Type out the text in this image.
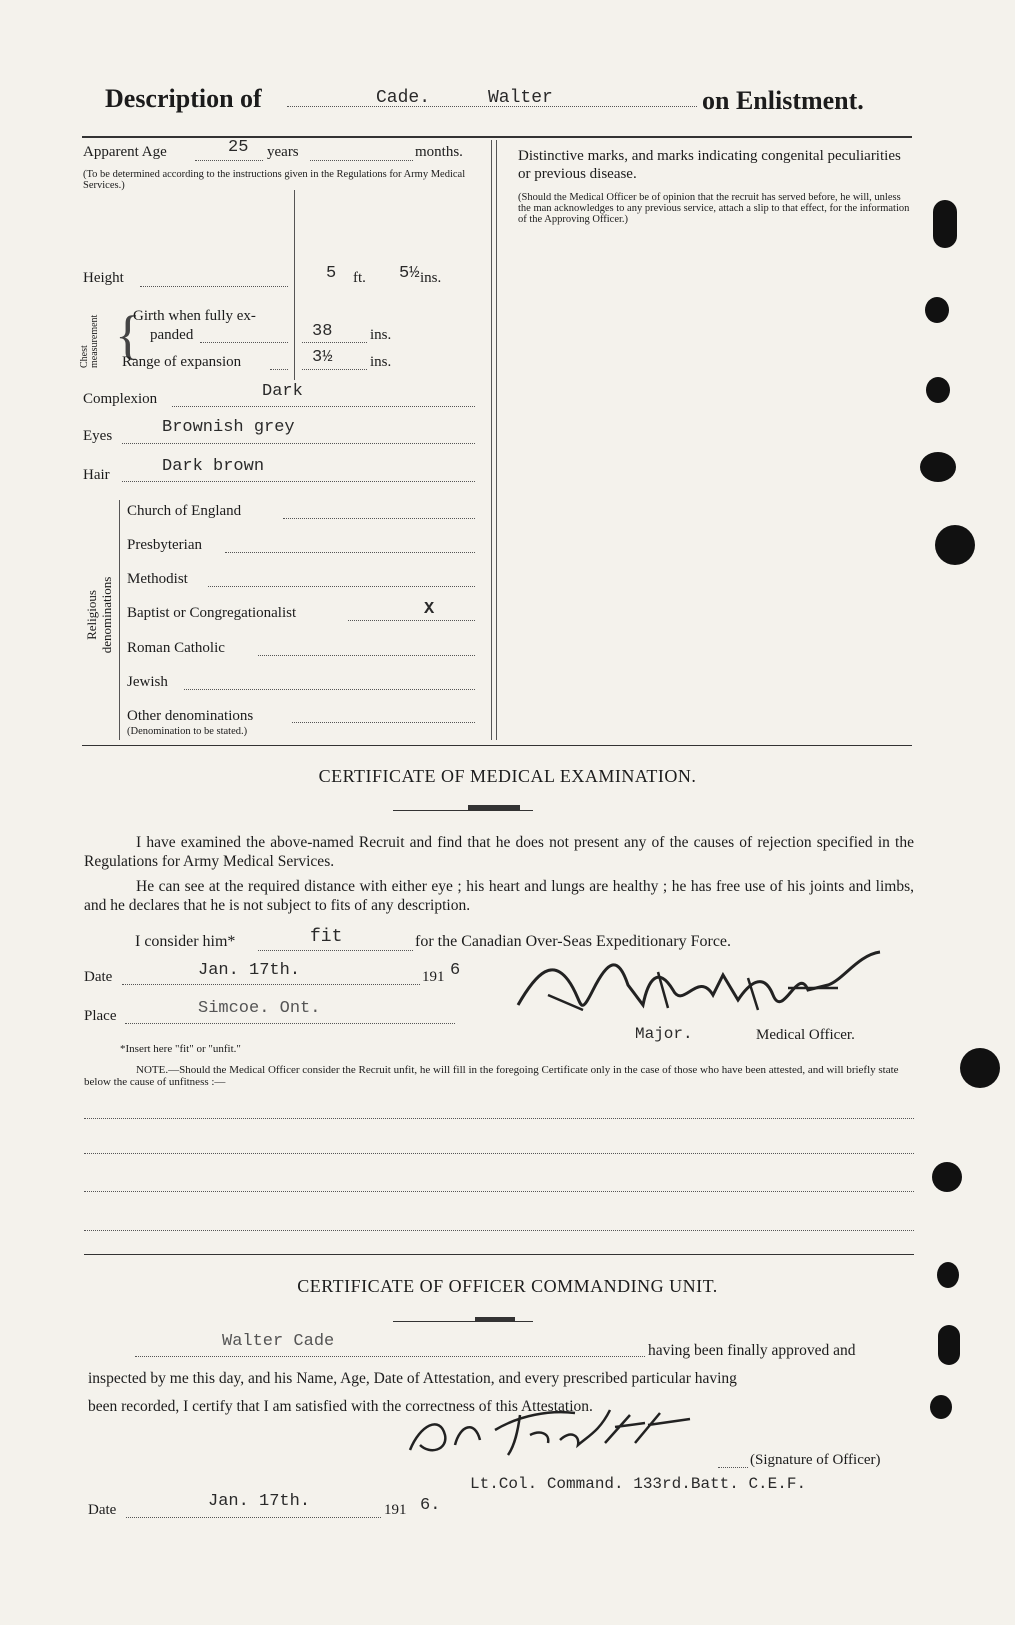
Description of	Cade.	Walter	on Enlistment.
Apparent Age	25 years	months.
(To be determined according to the instructions given in the Regulations for Army Medical Services.)
Height	5 ft. 5½ ins.
Chest measurement {
Girth when fully ex-
panded	38	ins.
Range of expansion	3½	ins.
Complexion	Dark
Eyes	Brownish grey
Hair	Dark brown
Religious denominations
Church of England
Presbyterian
Methodist
Baptist or Congregationalist	X
Roman Catholic
Jewish
Other denominations
(Denomination to be stated.)
Distinctive marks, and marks indicating congenital peculiarities or previous disease.
(Should the Medical Officer be of opinion that the recruit has served before, he will, unless the man acknowledges to any previous service, attach a slip to that effect, for the information of the Approving Officer.)
CERTIFICATE OF MEDICAL EXAMINATION.
I have examined the above-named Recruit and find that he does not present any of the causes of rejection specified in the Regulations for Army Medical Services.
He can see at the required distance with either eye ; his heart and lungs are healthy ; he has free use of his joints and limbs, and he declares that he is not subject to fits of any description.
I consider him*	fit	for the Canadian Over-Seas Expeditionary Force.
Date	Jan. 17th.	191 6
Place	Simcoe. Ont.
Major.	Medical Officer.
*Insert here "fit" or "unfit."
NOTE.—Should the Medical Officer consider the Recruit unfit, he will fill in the foregoing Certificate only in the case of those who have been attested, and will briefly state below the cause of unfitness :—
CERTIFICATE OF OFFICER COMMANDING UNIT.
Walter Cade	having been finally approved and
inspected by me this day, and his Name, Age, Date of Attestation, and every prescribed particular having
been recorded, I certify that I am satisfied with the correctness of this Attestation.
(Signature of Officer)
Lt.Col. Command. 133rd.Batt. C.E.F.
Date	Jan. 17th.	191 6.
